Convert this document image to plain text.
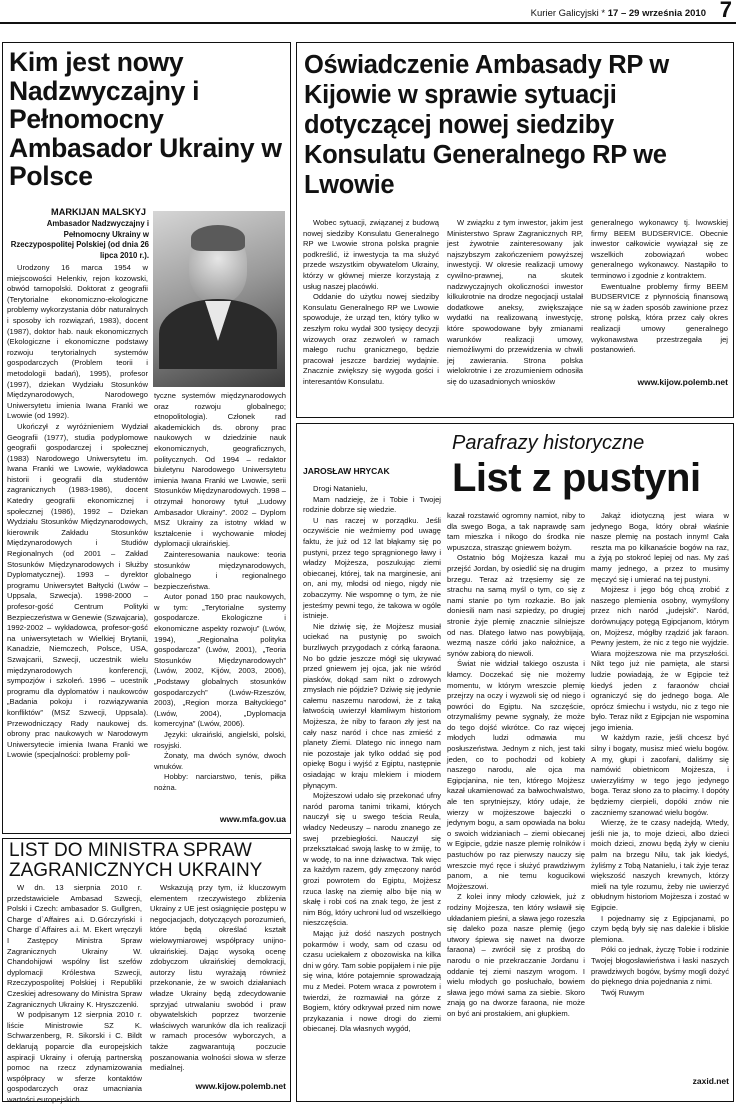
Kurier Galicyjski * 17 – 29 września 2010 7
Kim jest nowy Nadzwyczajny i Pełnomocny Ambasador Ukrainy w Polsce
MARKIJAN MALSKYJ
Ambasador Nadzwyczajny i Pełnomocny Ukrainy w Rzeczypospolitej Polskiej (od dnia 26 lipca 2010 r.).

Urodzony 16 marca 1954 w miejscowości Helenkiv, rejon kozowski, obwód tarnopolski. Doktorat z geografii (Terytorialne ekonomiczno-ekologiczne problemy wykorzystania dóbr naturalnych i sposoby ich rozwiązań, 1983), docent (1987), doktor hab. nauk ekonomicznych (Ekologiczne i ekonomiczne podstawy rozwoju terytorialnych systemów gospodarczych (Problem teorii i metodologii badań), 1995), profesor (1997), dziekan Wydziału Stosunków Międzynarodowych, Narodowego Uniwersytetu imienia Iwana Franki we Lwowie (od 1992).

Ukończył z wyróżnieniem Wydział Geografii (1977), studia podyplomowe geografii gospodarczej i społecznej (1983) Narodowego Uniwersytetu im. Iwana Franki we Lwowie, wykładowca historii i geografii dla studentów zagranicznych (1983-1986), docent Katedry geografii ekonomicznej i społecznej (1986), 1992 – Dziekan Wydziału Stosunków Międzynarodowych, kierownik Zakładu Stosunków Międzynarodowych i Studiów Regionalnych (od 2001 – Zakład Stosunków Międzynarodowych i Służby Dyplomatycznej). 1993 – dyrektor programu Uniwersytet Bałtycki (Lwów – Uppsala, Szwecja). 1998-2000 – profesor-gość Centrum Polityki Bezpieczeństwa w Genewie (Szwajcaria), 1992-2002 – wykładowca, profesor-gość na uniwersytetach w Wielkiej Brytanii, Kanadzie, Niemczech, Polsce, USA, Szwajcarii, Szwecji, uczestnik wielu międzynarodowych konferencji, sympozjów i szkoleń. 1996 – ucestnik programu dla dyplomatów i naukowców „Badania pokoju i rozwiązywania konfliktów” (MSZ Szwecji, Uppsala). Przewodniczący Rady naukowej ds. obrony prac naukowych w Narodowym Uniwersytecie imienia Iwana Franki we Lwowie (specjalności: problemy poli-

tyczne systemów międzynarodowych oraz rozwoju globalnego; etnopolitologia). Członek rad akademickich ds. obrony prac naukowych w dziedzinie nauk ekonomicznych, geograficznych, politycznych. Od 1994 – redaktor biuletynu Narodowego Uniwersytetu imienia Iwana Franki we Lwowie, serii Stosunków Międzynarodowych. 1998 – otrzymał honorowy tytuł „Ludowy Ambasador Ukrainy”. 2002 – Dyplom MSZ Ukrainy za istotny wkład w kształcenie i wychowanie młodej dyplomacji ukraińskiej.

Zainteresowania naukowe: teoria stosunków międzynarodowych, globalnego i regionalnego bezpieczeństwa.

Autor ponad 150 prac naukowych, w tym: „Terytorialne systemy gospodarcze. Ekologiczne i ekonomiczne aspekty rozwoju” (Lwów, 1994), „Regionalna polityka gospodarcza” (Lwów, 2001), „Teoria Stosunków Międzynarodowych” (Lwów, 2002, Kijów, 2003, 2006), „Podstawy globalnych stosunków gospodarczych” (Lwów-Rzeszów, 2003), „Region morza Bałtyckiego” (Lwów, 2004), „Dyplomacja komercyjna” (Lwów, 2006).

Języki: ukraiński, angielski, polski, rosyjski.

Żonaty, ma dwóch synów, dwoch wnuków.

Hobby: narciarstwo, tenis, piłka nożna.

www.mfa.gov.ua
LIST DO MINISTRA SPRAW ZAGRANICZNYCH UKRAINY

W dn. 13 sierpnia 2010 r. przedstawiciele Ambasad Szwecji, Polski i Czech: ambasador S. Gullgren, Charge d`Affaires a.i. D.Górczyński i Charge d`Affaires a.i. M. Ekert wręczyli I Zastępcy Ministra Spraw Zagranicznych Ukrainy W. Chandohijowi wspólny list szefów dyplomacji Królestwa Szwecji, Rzeczypospolitej Polskiej i Republiki Czeskiej adresowany do Ministra Spraw Zagranicznych Ukrainy K. Hryszczenki.

W podpisanym 12 sierpnia 2010 r. liście Ministrowie SZ K. Schwarzenberg, R. Sikorski i C. Bildt deklarują poparcie dla europejskich aspiracji Ukrainy i oferują partnerską pomoc na rzecz zdynamizowania współpracy w sferze kontaktów gospodarczych oraz umacniania wartości europejskich.

Wskazują przy tym, iż kluczowym elementem rzeczywistego zbliżenia Ukrainy z UE jest osiągnięcie postępu w negocjacjach, dotyczących porozumień, które będą określać kształt wielowymiarowej współpracy unijno-ukraińskiej. Dając wysoką ocenę zdobyczom ukraińskiej demokracji, autorzy listu wyrażają również przekonanie, że w swoich działaniach władze Ukrainy będą zdecydowanie sprzyjać utrwalaniu swobód i praw obywatelskich poprzez tworzenie właściwych warunków dla ich realizacji w ramach procesów wyborczych, a także zagwarantują poczucie poszanowania wolności słowa w sferze medialnej.

www.kijow.polemb.net
Oświadczenie Ambasady RP w Kijowie w sprawie sytuacji dotyczącej nowej siedziby Konsulatu Generalnego RP we Lwowie

Wobec sytuacji, związanej z budową nowej siedziby Konsulatu Generalnego RP we Lwowie strona polska pragnie podkreślić, iż inwestycja ta ma służyć przede wszystkim obywatelom Ukrainy, którzy w głównej mierze korzystają z usług naszej placówki.

Oddanie do użytku nowej siedziby Konsulatu Generalnego RP we Lwowie spowoduje, że urząd ten, który tylko w zeszłym roku wydał 300 tysięcy decyzji wizowych oraz zezwoleń w ramach małego ruchu granicznego, będzie pracował jeszcze bardziej wydajnie. Znacznie zwiększy się wygoda gości i interesantów Konsulatu.

W związku z tym inwestor, jakim jest Ministerstwo Spraw Zagranicznych RP, jest żywotnie zainteresowany jak najszybszym zakończeniem powyższej inwestycji. W okresie realizacji umowy cywilno-prawnej, na skutek nadzwyczajnych okoliczności inwestor kilkukrotnie na drodze negocjacji ustalał dodatkowe aneksy, zwiększające wydatki na realizowaną inwestycję, które spowodowane były zmianami warunków realizacji umowy, niemożliwymi do przewidzenia w chwili jej zawierania. Strona polska wielokrotnie i ze zrozumieniem odnosiła się do uzasadnionych wniosków

generalnego wykonawcy tj. lwowskiej firmy BEEM BUDSERVICE. Obecnie inwestor całkowicie wywiązał się ze wszelkich zobowiązań wobec generalnego wykonawcy. Nastąpiło to terminowo i zgodnie z kontraktem.

Ewentualne problemy firmy BEEM BUDSERVICE z płynnością finansową nie są w żaden sposób zawinione przez stronę polską, która przez cały okres realizacji umowy generalnego wykonawstwa przestrzegała jej postanowień.

www.kijow.polemb.net
Parafrazy historyczne
List z pustyni
JAROSŁAW HRYCAK

Drogi Natanielu,

Mam nadzieję, że i Tobie i Twojej rodzinie dobrze się wiedzie.

U nas raczej w porządku. Jeśli oczywiście nie weźmiemy pod uwagę faktu, że już od 12 lat błąkamy się po pustyni, przez tego sprągnionego ławy i władzy Mojżesza, poszukując ziemi obiecanej, której, tak na marginesie, ani on, ani my, młodsi od niego, nigdy nie zobaczymy. Nie wspomnę o tym, że nie jesteśmy pewni tego, że takowa w ogóle istnieje.

Nie dziwię się, że Mojżesz musiał uciekać na pustynię po swoich burzliwych przygodach z córką faraona. No bo gdzie jeszcze mógł się ukrywać przed gniewem jej ojca, jak nie wśród piasków, dokąd sam nikt o zdrowych zmysłach nie pójdzie? Dziwię się jedynie całemu naszemu narodowi, że z taką łatwością uwierzył kłamliwym historiom Mojżesza, że niby to faraon zły jest na cały nasz naród i chce nas zmieść z planety Ziemi. Dlatego nic innego nam nie pozostaje jak tylko oddać się pod opiekę Bogu i wyjść z Egiptu, następnie osiadając w kraju mlekiem i miodem płynącym.

Mojżeszowi udało się przekonać ufny naród paroma tanimi trikami, których nauczył się u swego teścia Reula, władcy Nedeuszy – narodu znanego ze swej przebiegłości. Nauczył się przekształcać swoją laskę to w żmiję, to w wodę, to na inne dziwactwa. Tak więc za każdym razem, gdy zmęczony naród grozi powrotem do Egiptu, Mojżesz rzuca laskę na ziemię albo bije nią w skałę i robi coś na znak tego, że jest z nim Bóg, który uchroni lud od wszelkiego nieszczęścia.

Mając już dość naszych postnych pokarmów i wody, sam od czasu od czasu uciekałem z obozowiska na kilka dni w góry. Tam sobie popijałem i nie pije się wina, które potajemnie sprowadzają mu z Medei. Potem wraca z powrotem i twierdzi, że rozmawiał na górze z Bogiem, który odkrywał przed nim nowe przykazania i nowe drogi do ziemi obiecanej. Dla własnych wygód,

kazał rozstawić ogromny namiot, niby to dla swego Boga, a tak naprawdę sam tam mieszka i nikogo do środka nie wpuszcza, strasząc gniewem bożym.

Ostatnio bóg Mojżesza kazał mu przejść Jordan, by osiedlić się na drugim brzegu. Teraz aż trzęsiemy się ze strachu na samą myśl o tym, co się z nami stanie po tym rozkazie. Bo jak doniesili nam nasi szpiedzy, po drugiej stronie żyje plemię znacznie silniejsze od nas. Dlatego łatwo nas powybijają, wezmą nasze córki jako nałożnice, a synów zabiorą do niewoli.

Świat nie widział takiego oszusta i kłamcy. Doczekać się nie możemy momentu, w którym wreszcie plemię przejrzy na oczy i wyzwoli się od niego i powróci do Egiptu. Na szczęście, otrzymaliśmy pewne sygnały, że może do tego dojść wkrótce. Co raz więcej młodych ludzi odmawia mu posłuszeństwa. Jednym z nich, jest taki jeden, co to pochodzi od kobiety naszego narodu, ale ojca ma Egipcjanina, nie ten, którego Mojżesz kazał ukamienować za bałwochwalstwo, ale ten sprytniejszy, który udaje, że wierzy w mojżeszowe bajeczki o jedynym bogu, a sam opowiada na boku o swoich widzianiach – ziemi obiecanej w Egipcie, gdzie nasze plemię rolników i pastuchów po raz pierwszy nauczy się wreszcie myć ręce i służyć prawdziwym panom, a nie temu kogucikowi Mojżeszowi.

Z kolei inny młody człowiek, już z rodziny Mojżesza, ten który wsławił się układaniem pieśni, a sława jego rozeszła się daleko poza nasze plemię (jego utwory śpiewa się nawet na dworze faraona) – zwrócił się z prośbą do narodu o nie przekraczanie Jordanu i oddanie tej ziemi naszym wrogom. I wielu młodych go posłuchało, bowiem sława jego mówi sama za siebie. Skoro znają go na dworze faraona, nie może on być ani prostakiem, ani głupkiem.

Jakąż idiotyczną jest wiara w jedynego Boga, który obrał właśnie nasze plemię na postach innym! Cała reszta ma po kilkanaście bogów na raz, a żyją po stokroć lepiej od nas. My zaś mamy jednego, a przez to musimy męczyć się i umierać na tej pustyni.

Mojżesz i jego bóg chcą zrobić z naszego plemienia osobny, wymyślony przez nich naród „judejski”. Naród, dorównujący potęgą Egipcjanom, którym on, Mojżesz, mógłby rządzić jak faraon. Pewny jestem, że nic z tego nie wyjdzie. Wiara mojżeszowa nie ma przyszłości. Nikt tego już nie pamięta, ale starsi ludzie powiadają, że w Egipcie też kiedyś jeden z faraonów chciał ograniczyć się do jednego boga. Ale oprócz śmiechu i wstydu, nic z tego nie było. Teraz nikt z Egipcjan nie wspomina jego imienia.

W każdym razie, jeśli chcesz być silny i bogaty, musisz mieć wielu bogów. A my, głupi i zacofani, daliśmy się namówić obietnicom Mojżesza, i uwierzyliśmy w tego jego jedynego boga. Teraz słono za to płacimy. I dopóty będziemy cierpieli, dopóki znów nie zaczniemy szanować wielu bogów.

Wierzę, że te czasy nadejdą. Wtedy, jeśli nie ja, to moje dzieci, albo dzieci moich dzieci, znowu będą żyły w cieniu palm na brzegu Nilu, tak jak kiedyś, żyliśmy z Tobą Natanielu, i tak żyje teraz większość naszych krewnych, którzy mieli na tyle rozumu, żeby nie uwierzyć obłudnym historiom Mojżesza i zostać w Egipcie.

I pojednamy się z Egipcjanami, po czym będą były się nas dalekie i bliskie plemiona.

Póki co jednak, życzę Tobie i rodzinie Twojej błogosławieństwa i łaski naszych prawdziwych bogów, byśmy mogli dożyć do pięknego dnia pojednania z nimi.

Twój Ruwym

zaxid.net
